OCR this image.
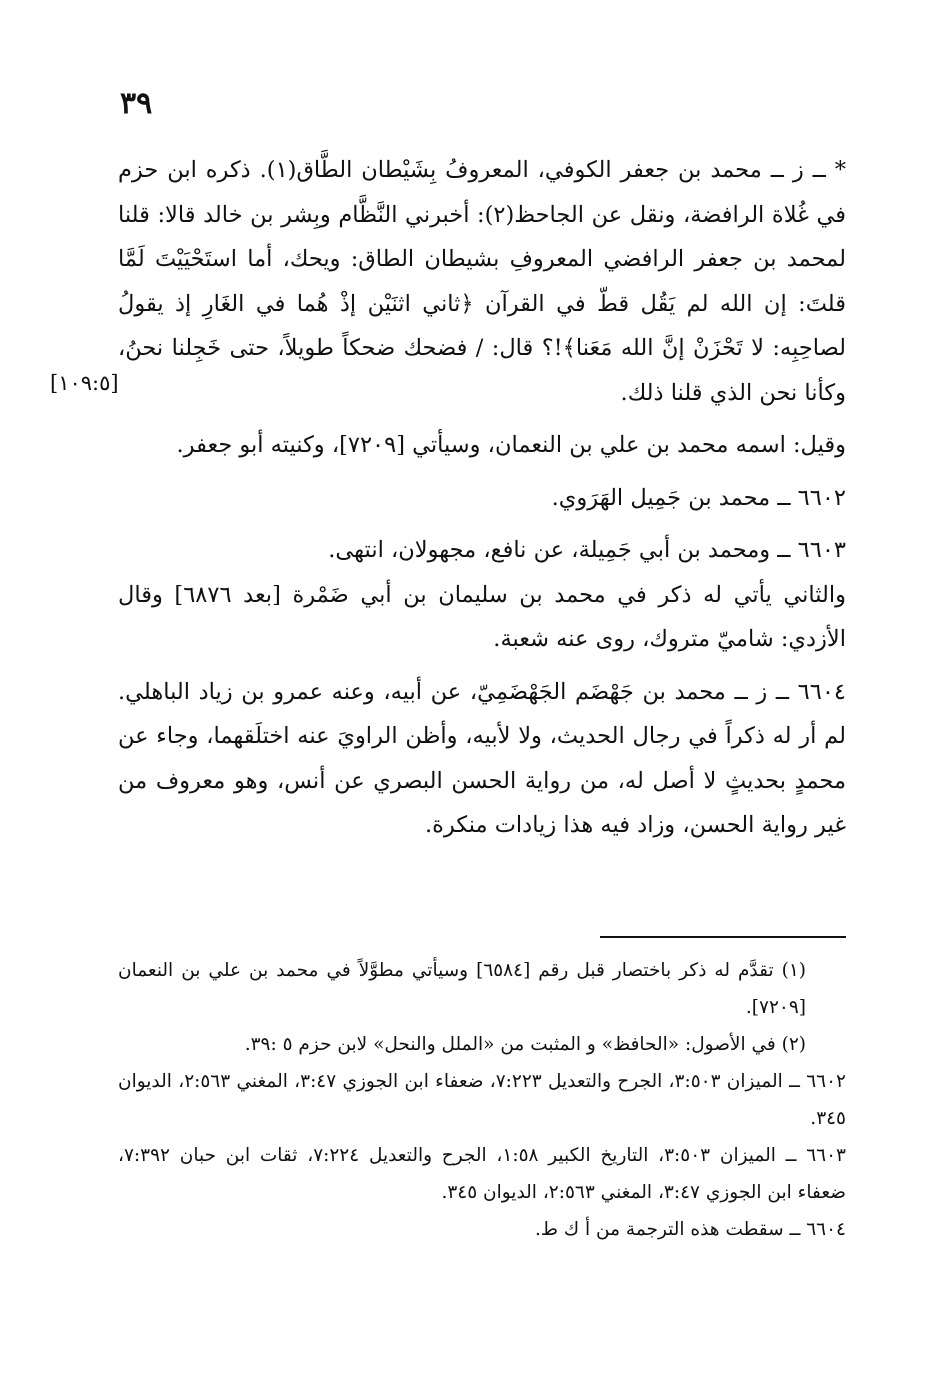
٣٩
[١٠٩:٥]

* ــ ز ــ محمد بن جعفر الكوفي، المعروفُ بِشَيْطان الطَّاق(١). ذكره ابن حزم في غُلاة الرافضة، ونقل عن الجاحظ(٢): أخبرني النَّظَّام وبِشر بن خالد قالا: قلنا لمحمد بن جعفر الرافضي المعروفِ بشيطان الطاق: ويحك، أما استَحْيَيْتَ لَمَّا قلتَ: إن الله لم يَقُل قطّ في القرآن ﴿ثاني اثنَيْن إذْ هُما في الغَارِ إذ يقولُ لصاحِبِه: لا تَحْزَنْ إنَّ الله مَعَنا﴾!؟ قال: / فضحك ضحكاً طويلاً، حتى خَجِلنا نحنُ، وكأنا نحن الذي قلنا ذلك.

وقيل: اسمه محمد بن علي بن النعمان، وسيأتي [٧٢٠٩]، وكنيته أبو جعفر.

٦٦٠٢ ــ محمد بن جَمِيل الهَرَوي.

٦٦٠٣ ــ ومحمد بن أبي جَمِيلة، عن نافع، مجهولان، انتهى.

والثاني يأتي له ذكر في محمد بن سليمان بن أبي ضَمْرة [بعد ٦٨٧٦] وقال الأزدي: شاميّ متروك، روى عنه شعبة.

٦٦٠٤ ــ ز ــ محمد بن جَهْضَم الجَهْضَمِيّ، عن أبيه، وعنه عمرو بن زياد الباهلي. لم أر له ذكراً في رجال الحديث، ولا لأبيه، وأظن الراويَ عنه اختلَقهما، وجاء عن محمدٍ بحديثٍ لا أصل له، من رواية الحسن البصري عن أنس، وهو معروف من غير رواية الحسن، وزاد فيه هذا زيادات منكرة.

(١) تقدَّم له ذكر باختصار قبل رقم [٦٥٨٤] وسيأتي مطوَّلاً في محمد بن علي بن النعمان [٧٢٠٩].

(٢) في الأصول: «الحافظ» و المثبت من «الملل والنحل» لابن حزم ٥ :٣٩.

٦٦٠٢ ــ الميزان ٣:٥٠٣، الجرح والتعديل ٧:٢٢٣، ضعفاء ابن الجوزي ٣:٤٧، المغني ٢:٥٦٣، الديوان ٣٤٥.

٦٦٠٣ ــ الميزان ٣:٥٠٣، التاريخ الكبير ١:٥٨، الجرح والتعديل ٧:٢٢٤، ثقات ابن حبان ٧:٣٩٢، ضعفاء ابن الجوزي ٣:٤٧، المغني ٢:٥٦٣، الديوان ٣٤٥.

٦٦٠٤ ــ سقطت هذه الترجمة من أ ك ط.
